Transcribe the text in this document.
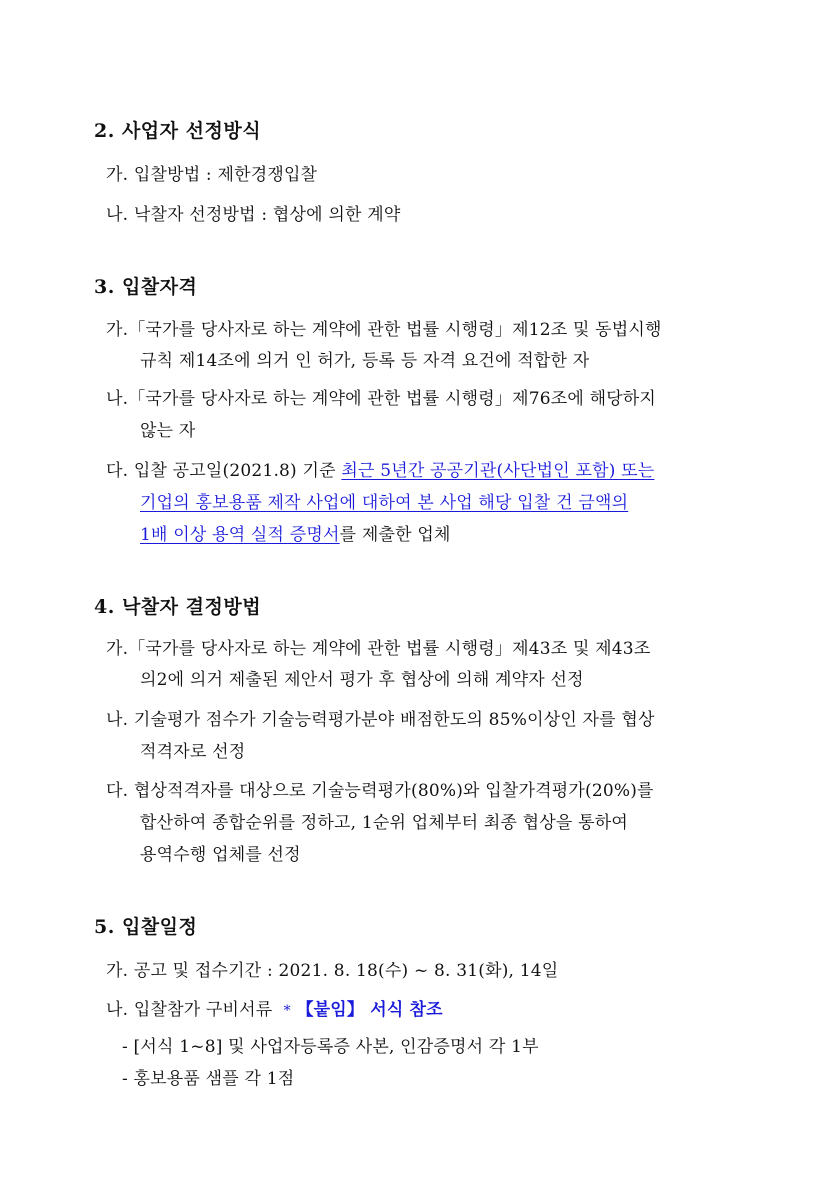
2. 사업자 선정방식
가. 입찰방법 : 제한경쟁입찰
나. 낙찰자 선정방법 : 협상에 의한 계약
3. 입찰자격
가.「국가를 당사자로 하는 계약에 관한 법률 시행령」제12조 및 동법시행
규칙 제14조에 의거 인 허가, 등록 등 자격 요건에 적합한 자
나.「국가를 당사자로 하는 계약에 관한 법률 시행령」제76조에 해당하지
않는 자
다. 입찰 공고일(2021.8) 기준 최근 5년간 공공기관(사단법인 포함) 또는
기업의 홍보용품 제작 사업에 대하여 본 사업 해당 입찰 건 금액의
1배 이상 용역 실적 증명서를 제출한 업체
4. 낙찰자 결정방법
가.「국가를 당사자로 하는 계약에 관한 법률 시행령」제43조 및 제43조
의2에 의거 제출된 제안서 평가 후 협상에 의해 계약자 선정
나. 기술평가 점수가 기술능력평가분야 배점한도의 85%이상인 자를 협상
적격자로 선정
다. 협상적격자를 대상으로 기술능력평가(80%)와 입찰가격평가(20%)를
합산하여 종합순위를 정하고, 1순위 업체부터 최종 협상을 통하여
용역수행 업체를 선정
5. 입찰일정
가. 공고 및 접수기간 : 2021. 8. 18(수) ~ 8. 31(화), 14일
나. 입찰참가 구비서류  * 【붙임】 서식 참조
- [서식 1~8] 및 사업자등록증 사본, 인감증명서 각 1부
- 홍보용품 샘플 각 1점
